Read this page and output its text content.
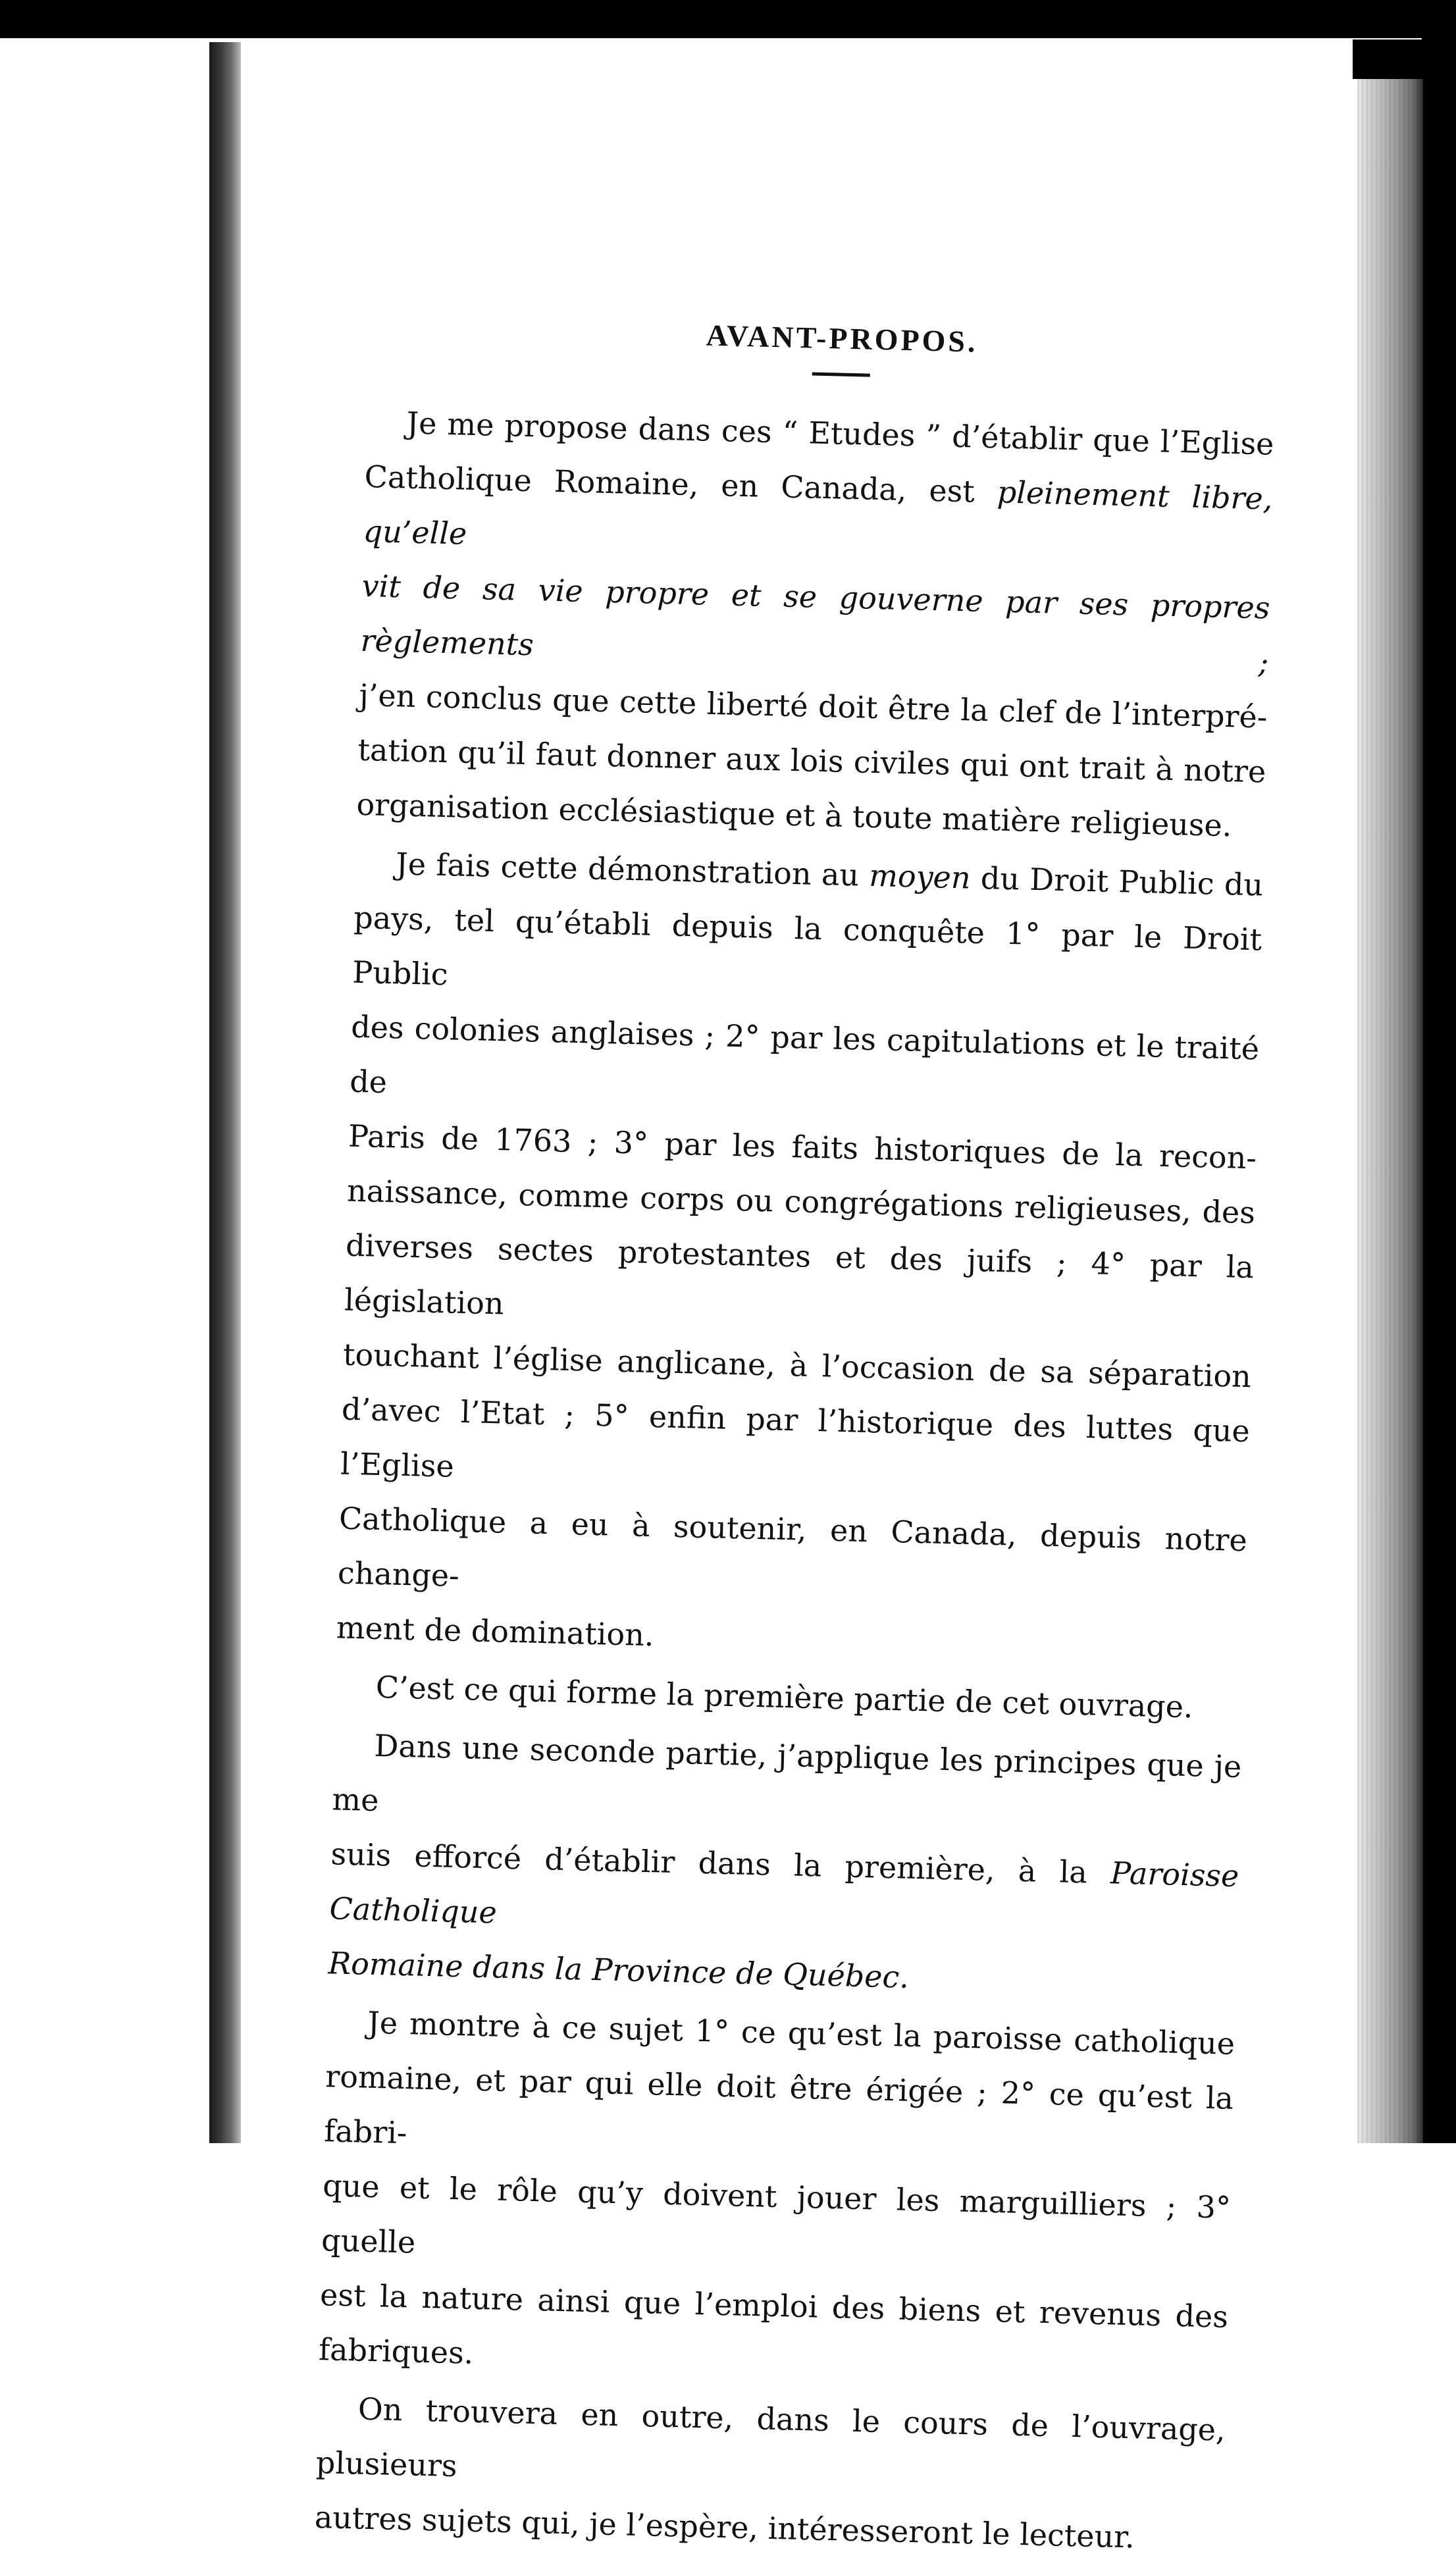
AVANT-PROPOS.
Je me propose dans ces “ Etudes ” d’établir que l’Eglise
Catholique Romaine, en Canada, est pleinement libre, qu’elle
vit de sa vie propre et se gouverne par ses propres règlements ;
j’en conclus que cette liberté doit être la clef de l’interpré-
tation qu’il faut donner aux lois civiles qui ont trait à notre
organisation ecclésiastique et à toute matière religieuse.
Je fais cette démonstration au moyen du Droit Public du
pays, tel qu’établi depuis la conquête 1° par le Droit Public
des colonies anglaises ; 2° par les capitulations et le traité de
Paris de 1763 ; 3° par les faits historiques de la recon-
naissance, comme corps ou congrégations religieuses, des
diverses sectes protestantes et des juifs ; 4° par la législation
touchant l’église anglicane, à l’occasion de sa séparation
d’avec l’Etat ; 5° enfin par l’historique des luttes que l’Eglise
Catholique a eu à soutenir, en Canada, depuis notre change-
ment de domination.
C’est ce qui forme la première partie de cet ouvrage.
Dans une seconde partie, j’applique les principes que je me
suis efforcé d’établir dans la première, à la Paroisse Catholique
Romaine dans la Province de Québec.
Je montre à ce sujet 1° ce qu’est la paroisse catholique
romaine, et par qui elle doit être érigée ; 2° ce qu’est la fabri-
que et le rôle qu’y doivent jouer les marguilliers ; 3° quelle
est la nature ainsi que l’emploi des biens et revenus des
fabriques.
On trouvera en outre, dans le cours de l’ouvrage, plusieurs
autres sujets qui, je l’espère, intéresseront le lecteur.
